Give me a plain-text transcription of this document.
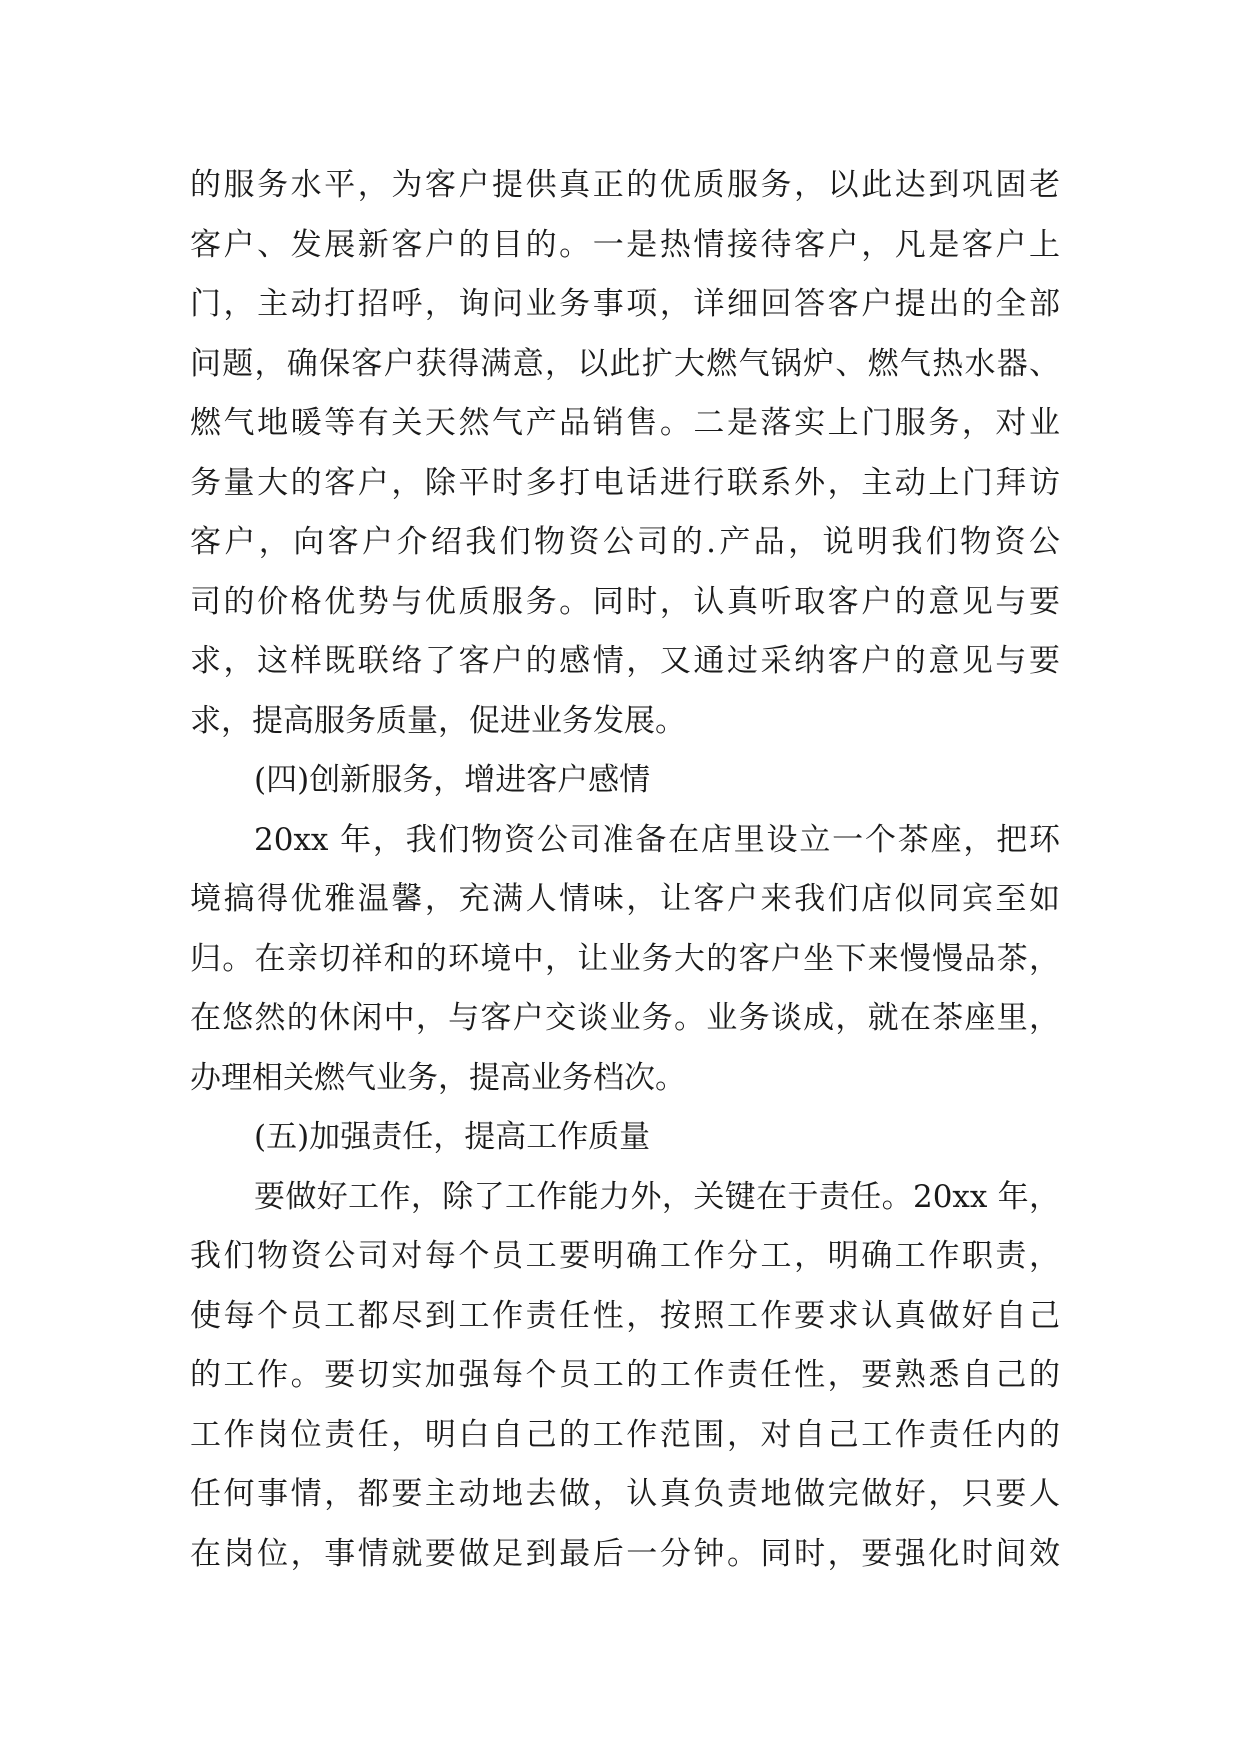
的服务水平，为客户提供真正的优质服务，以此达到巩固老
客户、发展新客户的目的。一是热情接待客户，凡是客户上
门，主动打招呼，询问业务事项，详细回答客户提出的全部
问题，确保客户获得满意，以此扩大燃气锅炉、燃气热水器、
燃气地暖等有关天然气产品销售。二是落实上门服务，对业
务量大的客户，除平时多打电话进行联系外，主动上门拜访
客户，向客户介绍我们物资公司的.产品，说明我们物资公
司的价格优势与优质服务。同时，认真听取客户的意见与要
求，这样既联络了客户的感情，又通过采纳客户的意见与要
求，提高服务质量，促进业务发展。
(四)创新服务，增进客户感情
20xx 年，我们物资公司准备在店里设立一个茶座，把环
境搞得优雅温馨，充满人情味，让客户来我们店似同宾至如
归。在亲切祥和的环境中，让业务大的客户坐下来慢慢品茶，
在悠然的休闲中，与客户交谈业务。业务谈成，就在茶座里，
办理相关燃气业务，提高业务档次。
(五)加强责任，提高工作质量
要做好工作，除了工作能力外，关键在于责任。20xx 年，
我们物资公司对每个员工要明确工作分工，明确工作职责，
使每个员工都尽到工作责任性，按照工作要求认真做好自己
的工作。要切实加强每个员工的工作责任性，要熟悉自己的
工作岗位责任，明白自己的工作范围，对自己工作责任内的
任何事情，都要主动地去做，认真负责地做完做好，只要人
在岗位，事情就要做足到最后一分钟。同时，要强化时间效
